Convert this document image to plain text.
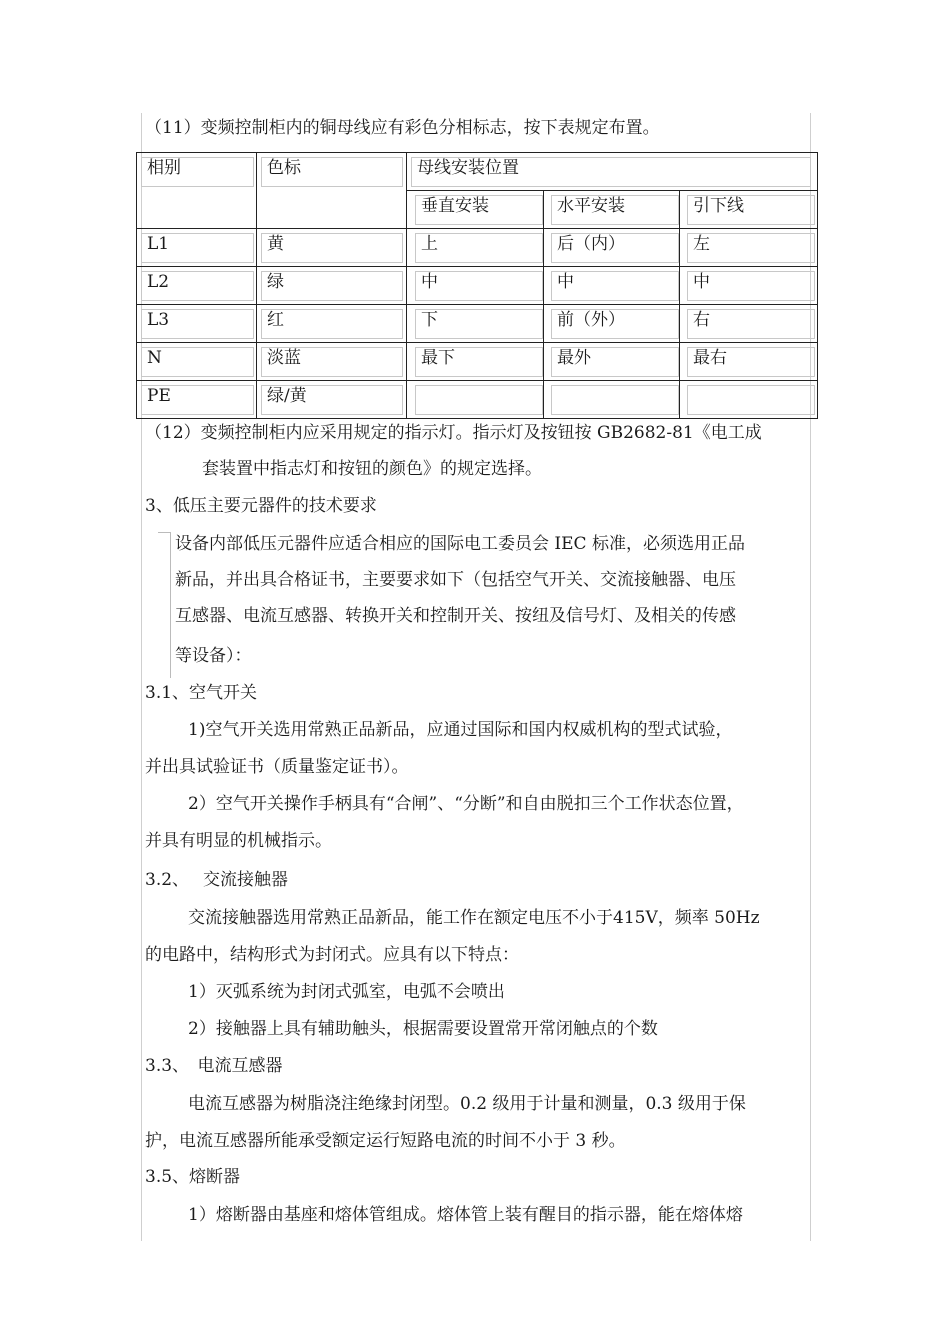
（11）变频控制柜内的铜母线应有彩色分相标志，按下表规定布置。
相别	色标	母线安装位置
垂直安装	水平安装	引下线
L1	黄	上	后（内）	左
L2	绿	中	中	中
L3	红	下	前（外）	右
N	淡蓝	最下	最外	最右
PE	绿/黄
（12）变频控制柜内应采用规定的指示灯。指示灯及按钮按 GB2682-81《电工成
套装置中指志灯和按钮的颜色》的规定选择。
3、低压主要元器件的技术要求
设备内部低压元器件应适合相应的国际电工委员会 IEC 标准，必须选用正品
新品，并出具合格证书，主要要求如下（包括空气开关、交流接触器、电压
互感器、电流互感器、转换开关和控制开关、按纽及信号灯、及相关的传感
等设备）：
3.1、空气开关
1)空气开关选用常熟正品新品，应通过国际和国内权威机构的型式试验，
并出具试验证书（质量鉴定证书）。
2）空气开关操作手柄具有“合闸”、“分断”和自由脱扣三个工作状态位置，
并具有明显的机械指示。
3.2、　 交流接触器
交流接触器选用常熟正品新品，能工作在额定电压不小于415V，频率 50Hz
的电路中，结构形式为封闭式。应具有以下特点：
1）灭弧系统为封闭式弧室，电弧不会喷出
2）接触器上具有辅助触头，根据需要设置常开常闭触点的个数
3.3、　电流互感器
电流互感器为树脂浇注绝缘封闭型。0.2 级用于计量和测量，0.3 级用于保
护，电流互感器所能承受额定运行短路电流的时间不小于 3 秒。
3.5、熔断器
1）熔断器由基座和熔体管组成。熔体管上装有醒目的指示器，能在熔体熔
